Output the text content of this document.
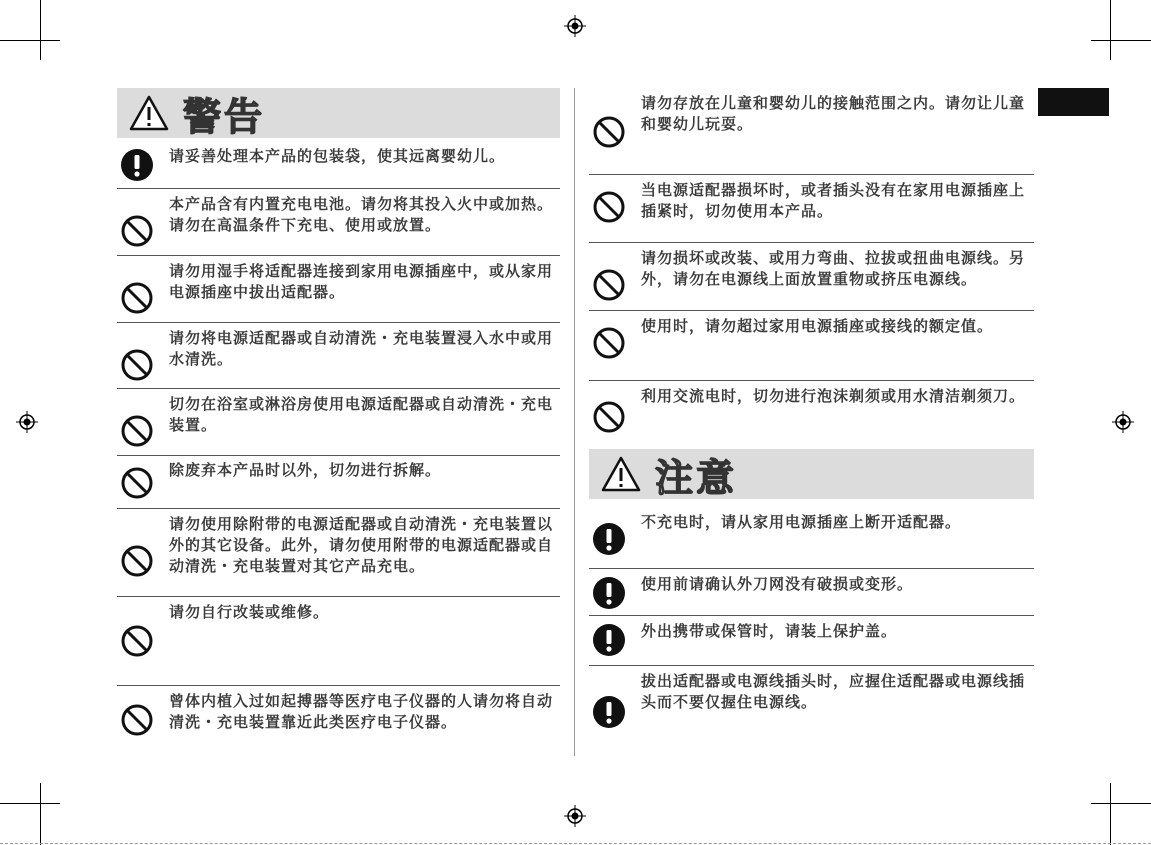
警告
请妥善处理本产品的包装袋，使其远离婴幼儿。
本产品含有内置充电电池。请勿将其投入火中或加热。请勿在高温条件下充电、使用或放置。
请勿用湿手将适配器连接到家用电源插座中，或从家用电源插座中拔出适配器。
请勿将电源适配器或自动清洗・充电装置浸入水中或用水清洗。
切勿在浴室或淋浴房使用电源适配器或自动清洗・充电装置。
除废弃本产品时以外，切勿进行拆解。
请勿使用除附带的电源适配器或自动清洗・充电装置以外的其它设备。此外，请勿使用附带的电源适配器或自动清洗・充电装置对其它产品充电。
请勿自行改装或维修。
曾体内植入过如起搏器等医疗电子仪器的人请勿将自动清洗・充电装置靠近此类医疗电子仪器。
请勿存放在儿童和婴幼儿的接触范围之内。请勿让儿童和婴幼儿玩耍。
当电源适配器损坏时，或者插头没有在家用电源插座上插紧时，切勿使用本产品。
请勿损坏或改装、或用力弯曲、拉拔或扭曲电源线。另外，请勿在电源线上面放置重物或挤压电源线。
使用时，请勿超过家用电源插座或接线的额定值。
利用交流电时，切勿进行泡沫剃须或用水清洁剃须刀。
注意
不充电时，请从家用电源插座上断开适配器。
使用前请确认外刀网没有破损或变形。
外出携带或保管时，请装上保护盖。
拔出适配器或电源线插头时，应握住适配器或电源线插头而不要仅握住电源线。
